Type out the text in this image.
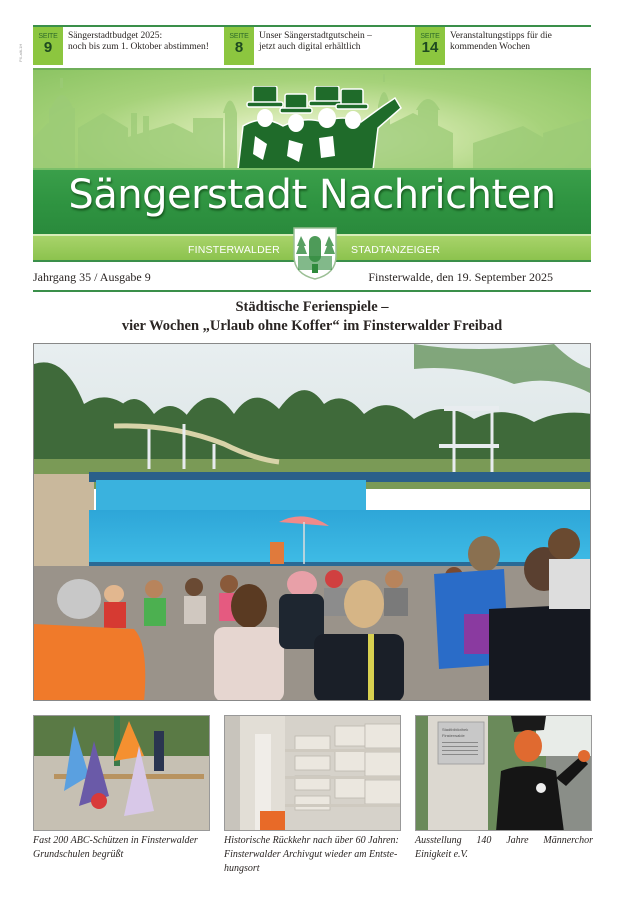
PX-allt-1H
SEITE
9
Sängerstadtbudget 2025:
noch bis zum 1. Oktober abstimmen!
SEITE
8
Unser Sängerstadtgutschein –
jetzt auch digital erhältlich
SEITE
14
Veranstaltungstipps für die
kommenden Wochen
Sängerstadt Nachrichten
FINSTERWALDER	STADTANZEIGER
Jahrgang 35 / Ausgabe 9	Finsterwalde, den 19. September 2025
Städtische Ferienspiele –
vier Wochen „Urlaub ohne Koffer“ im Finsterwalder Freibad
Stadtbibliothek
Finsterwalde
Fast 200 ABC-Schützen in Finsterwalder Grundschulen begrüßt
Historische Rückkehr nach über 60 Jahren: Finsterwalder Archivgut wieder am Entste-hungsort
Ausstellung 140 Jahre Männerchor Einigkeit e.V.
